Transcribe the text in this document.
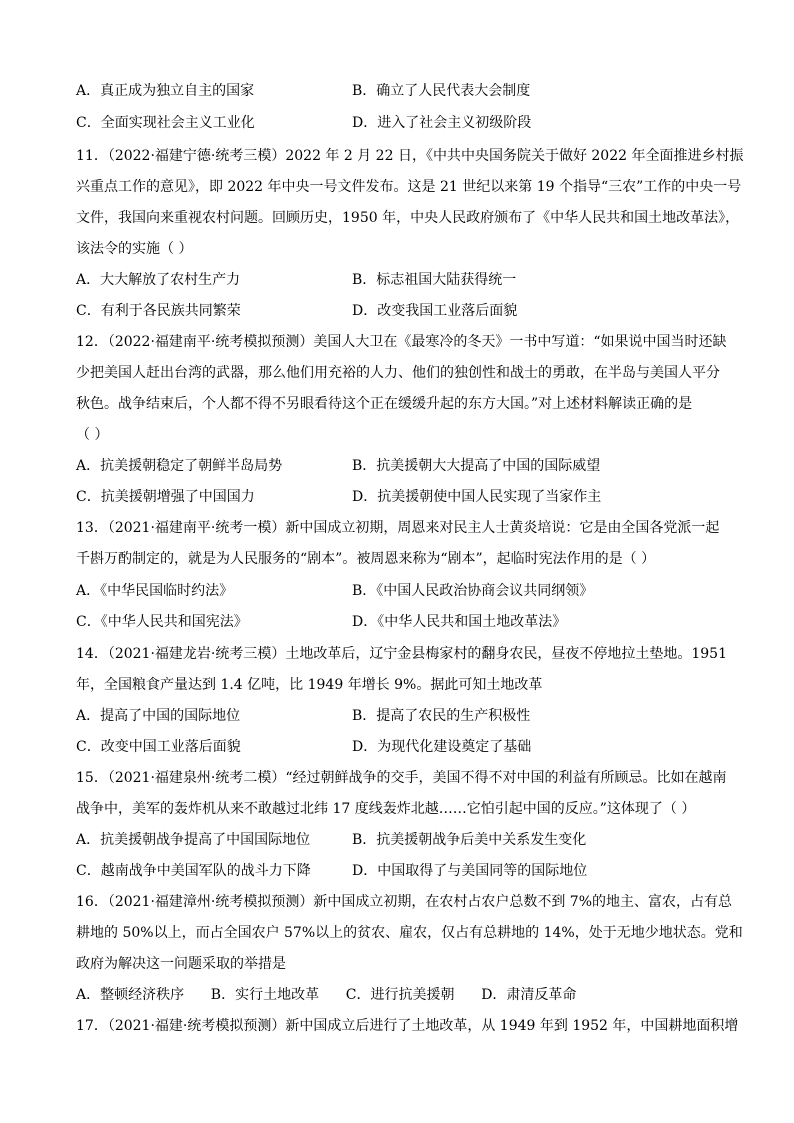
A．真正成为独立自主的国家	B．确立了人民代表大会制度
C．全面实现社会主义工业化	D．进入了社会主义初级阶段
11．（2022·福建宁德·统考三模）2022 年 2 月 22 日，《中共中央国务院关于做好 2022 年全面推进乡村振
兴重点工作的意见》，即 2022 年中央一号文件发布。这是 21 世纪以来第 19 个指导“三农”工作的中央一号
文件，我国向来重视农村问题。回顾历史，1950 年，中央人民政府颁布了《中华人民共和国土地改革法》，
该法令的实施（ ）
A．大大解放了农村生产力	B．标志祖国大陆获得统一
C．有利于各民族共同繁荣	D．改变我国工业落后面貌
12．（2022·福建南平·统考模拟预测）美国人大卫在《最寒冷的冬天》一书中写道：“如果说中国当时还缺
少把美国人赶出台湾的武器，那么他们用充裕的人力、他们的独创性和战士的勇敢，在半岛与美国人平分
秋色。战争结束后，个人都不得不另眼看待这个正在缓缓升起的东方大国。”对上述材料解读正确的是
（ ）
A．抗美援朝稳定了朝鲜半岛局势	B．抗美援朝大大提高了中国的国际威望
C．抗美援朝增强了中国国力	D．抗美援朝使中国人民实现了当家作主
13．（2021·福建南平·统考一模）新中国成立初期，周恩来对民主人士黄炎培说：它是由全国各党派一起
千斟万酌制定的，就是为人民服务的“剧本”。被周恩来称为“剧本”，起临时宪法作用的是（ ）
A．《中华民国临时约法》	B．《中国人民政治协商会议共同纲领》
C．《中华人民共和国宪法》	D．《中华人民共和国土地改革法》
14．（2021·福建龙岩·统考三模）土地改革后，辽宁金县梅家村的翻身农民，昼夜不停地拉土垫地。1951
年，全国粮食产量达到 1.4 亿吨，比 1949 年增长 9%。据此可知土地改革
A．提高了中国的国际地位	B．提高了农民的生产积极性
C．改变中国工业落后面貌	D．为现代化建设奠定了基础
15．（2021·福建泉州·统考二模）“经过朝鲜战争的交手，美国不得不对中国的利益有所顾忌。比如在越南
战争中，美军的轰炸机从来不敢越过北纬 17 度线轰炸北越……它怕引起中国的反应。”这体现了（ ）
A．抗美援朝战争提高了中国国际地位	B．抗美援朝战争后美中关系发生变化
C．越南战争中美国军队的战斗力下降	D．中国取得了与美国同等的国际地位
16．（2021·福建漳州·统考模拟预测）新中国成立初期，在农村占农户总数不到 7%的地主、富农，占有总
耕地的 50%以上，而占全国农户 57%以上的贫农、雇农，仅占有总耕地的 14%，处于无地少地状态。党和
政府为解决这一问题采取的举措是
A．整顿经济秩序      B．实行土地改革      C．进行抗美援朝      D．肃清反革命
17．（2021·福建·统考模拟预测）新中国成立后进行了土地改革，从 1949 年到 1952 年，中国耕地面积增
